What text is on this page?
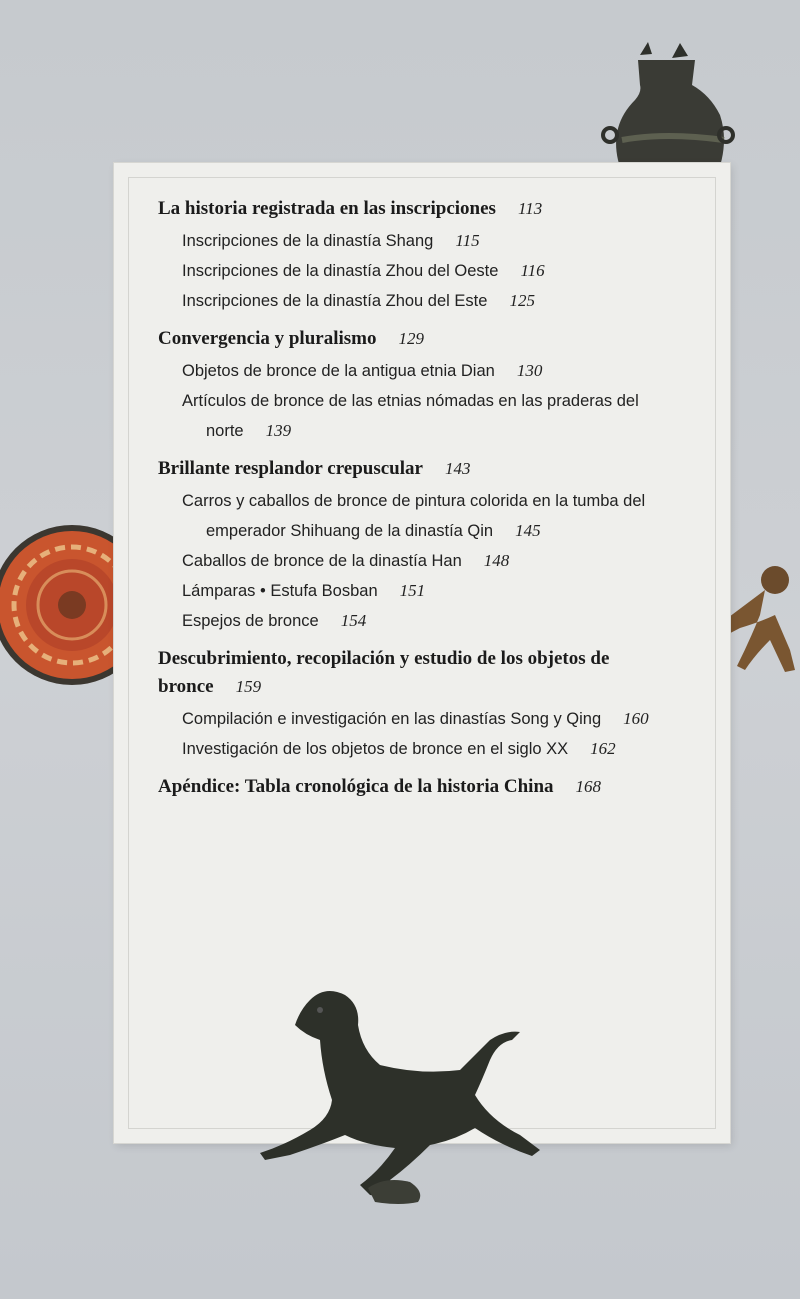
La historia registrada en las inscripciones 113
Inscripciones de la dinastía Shang 115
Inscripciones de la dinastía Zhou del Oeste 116
Inscripciones de la dinastía Zhou del Este 125
Convergencia y pluralismo 129
Objetos de bronce de la antigua etnia Dian 130
Artículos de bronce de las etnias nómadas en las praderas del norte 139
Brillante resplandor crepuscular 143
Carros y caballos de bronce de pintura colorida en la tumba del emperador Shihuang de la dinastía Qin 145
Caballos de bronce de la dinastía Han 148
Lámparas • Estufa Bosban 151
Espejos de bronce 154
Descubrimiento, recopilación y estudio de los objetos de bronce 159
Compilación e investigación en las dinastías Song y Qing 160
Investigación de los objetos de bronce en el siglo XX 162
Apéndice: Tabla cronológica de la historia China 168
